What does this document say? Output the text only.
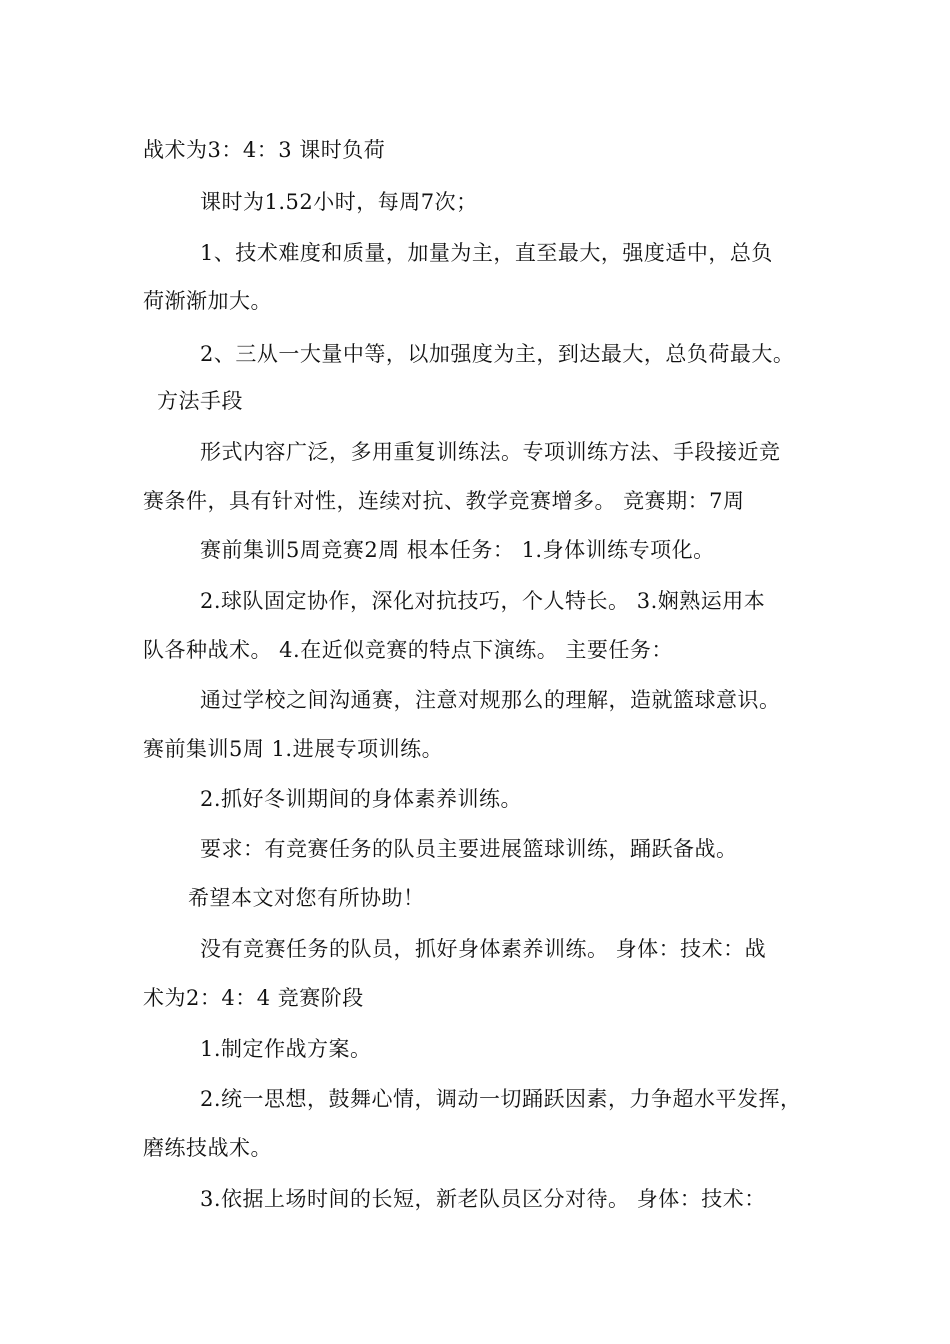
战术为3：4：3 课时负荷
课时为1.52小时，每周7次；
1、技术难度和质量，加量为主，直至最大，强度适中，总负
荷渐渐加大。
2、三从一大量中等，以加强度为主，到达最大，总负荷最大。
方法手段
形式内容广泛，多用重复训练法。专项训练方法、手段接近竞
赛条件，具有针对性，连续对抗、教学竞赛增多。 竞赛期：7周
赛前集训5周竞赛2周 根本任务： 1.身体训练专项化。
2.球队固定协作，深化对抗技巧，个人特长。 3.娴熟运用本
队各种战术。 4.在近似竞赛的特点下演练。 主要任务：
通过学校之间沟通赛，注意对规那么的理解，造就篮球意识。
赛前集训5周 1.进展专项训练。
2.抓好冬训期间的身体素养训练。
要求：有竞赛任务的队员主要进展篮球训练，踊跃备战。
希望本文对您有所协助！
没有竞赛任务的队员，抓好身体素养训练。 身体：技术：战
术为2：4：4 竞赛阶段
1.制定作战方案。
2.统一思想，鼓舞心情，调动一切踊跃因素，力争超水平发挥，
磨练技战术。
3.依据上场时间的长短，新老队员区分对待。 身体：技术：
